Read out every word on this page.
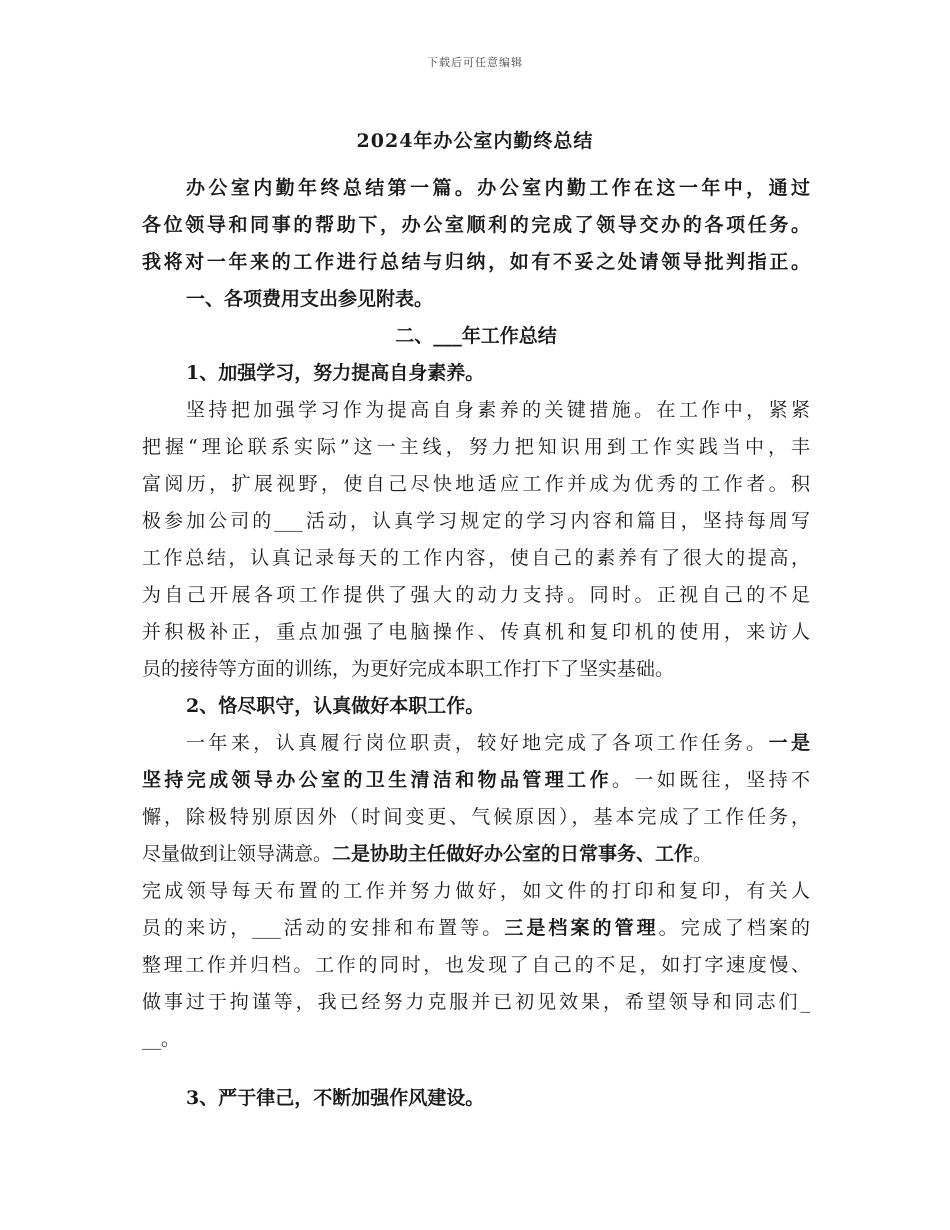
下载后可任意编辑
2024年办公室内勤终总结
办公室内勤年终总结第一篇。办公室内勤工作在这一年中，通过
各位领导和同事的帮助下，办公室顺利的完成了领导交办的各项任务。
我将对一年来的工作进行总结与归纳，如有不妥之处请领导批判指正。
一、各项费用支出参见附表。
二、___年工作总结
1、加强学习，努力提高自身素养。
坚持把加强学习作为提高自身素养的关键措施。在工作中，紧紧
把握“理论联系实际”这一主线，努力把知识用到工作实践当中，丰
富阅历，扩展视野，使自己尽快地适应工作并成为优秀的工作者。积
极参加公司的___活动，认真学习规定的学习内容和篇目，坚持每周写
工作总结，认真记录每天的工作内容，使自己的素养有了很大的提高，
为自己开展各项工作提供了强大的动力支持。同时。正视自己的不足
并积极补正，重点加强了电脑操作、传真机和复印机的使用，来访人
员的接待等方面的训练，为更好完成本职工作打下了坚实基础。
2、恪尽职守，认真做好本职工作。
一年来，认真履行岗位职责，较好地完成了各项工作任务。一是
坚持完成领导办公室的卫生清洁和物品管理工作。一如既往，坚持不
懈，除极特别原因外（时间变更、气候原因），基本完成了工作任务，
尽量做到让领导满意。二是协助主任做好办公室的日常事务、工作。
完成领导每天布置的工作并努力做好，如文件的打印和复印，有关人
员的来访，___活动的安排和布置等。三是档案的管理。完成了档案的
整理工作并归档。工作的同时，也发现了自己的不足，如打字速度慢、
做事过于拘谨等，我已经努力克服并已初见效果，希望领导和同志们_
__。
3、严于律己，不断加强作风建设。
